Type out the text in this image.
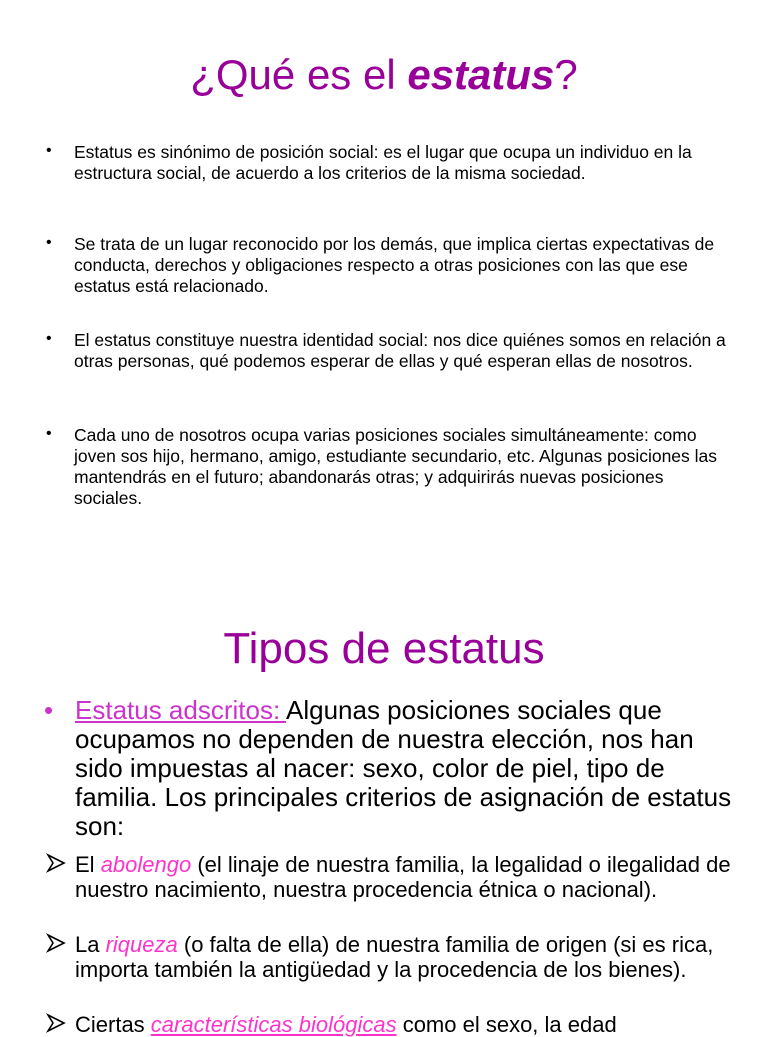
¿Qué es el estatus?
• Estatus es sinónimo de posición social: es el lugar que ocupa un individuo en la estructura social, de acuerdo a los criterios de la misma sociedad.
• Se trata de un lugar reconocido por los demás, que implica ciertas expectativas de conducta, derechos y obligaciones respecto a otras posiciones con las que ese estatus está relacionado.
• El estatus constituye nuestra identidad social: nos dice quiénes somos en relación a otras personas, qué podemos esperar de ellas y qué esperan ellas de nosotros.
• Cada uno de nosotros ocupa varias posiciones sociales simultáneamente: como joven sos hijo, hermano, amigo, estudiante secundario, etc. Algunas posiciones las mantendrás en el futuro; abandonarás otras; y adquirirás nuevas posiciones sociales.
Tipos de estatus
• Estatus adscritos: Algunas posiciones sociales que ocupamos no dependen de nuestra elección, nos han sido impuestas al nacer: sexo, color de piel, tipo de familia. Los principales criterios de asignación de estatus son:
El abolengo (el linaje de nuestra familia, la legalidad o ilegalidad de nuestro nacimiento, nuestra procedencia étnica o nacional).
La riqueza (o falta de ella) de nuestra familia de origen (si es rica, importa también la antigüedad y la procedencia de los bienes).
Ciertas características biológicas como el sexo, la edad
